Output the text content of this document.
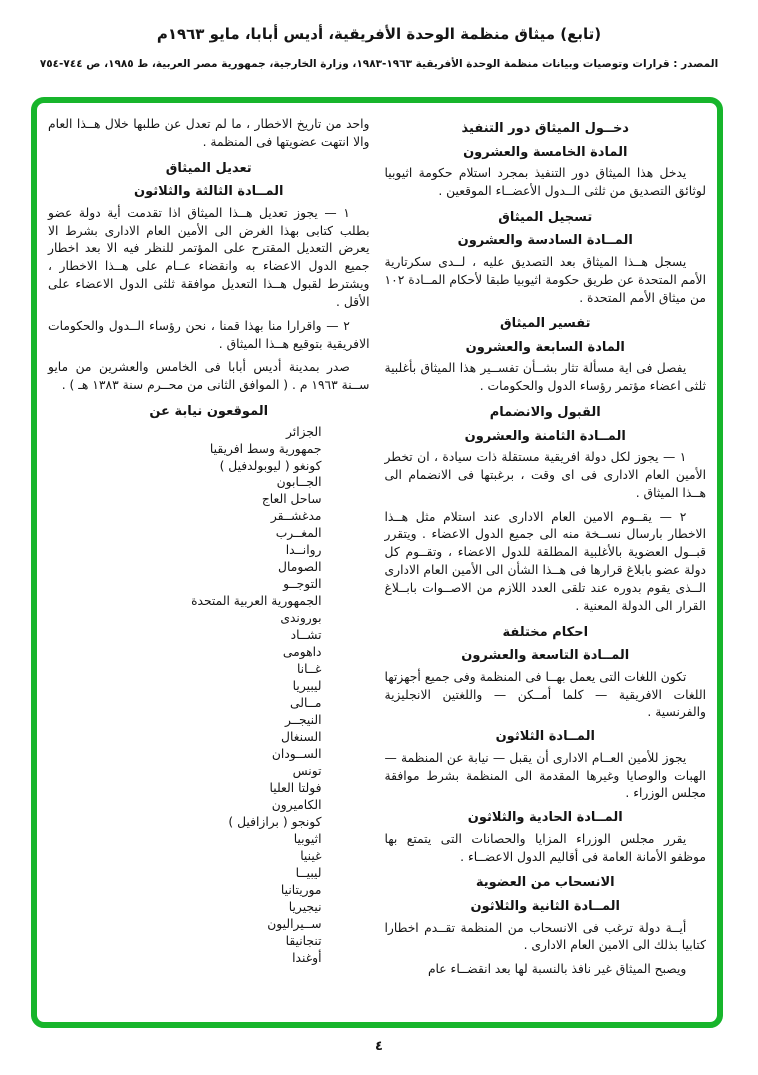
(تابع) ميثاق منظمة الوحدة الأفريقية، أديس أبابا، مايو ١٩٦٣م
المصدر : قرارات وتوصيات وبيانات منظمة الوحدة الأفريقية ١٩٦٣-١٩٨٣، وزارة الخارجية، جمهورية مصر العربية، ط ١٩٨٥، ص ٧٤٤-٧٥٤
دخــول الميثاق دور التنفيذ
المادة الخامسة والعشرون
يدخل هذا الميثاق دور التنفيذ بمجرد استلام حكومة اثيوبيا لوثائق التصديق من ثلثى الــدول الأعضــاء الموقعين .
تسجيل الميثاق
المــادة السادسة والعشرون
يسجل هــذا الميثاق بعد التصديق عليه ، لــدى سكرتارية الأمم المتحدة عن طريق حكومة اثيوبيا طبقا لأحكام المــادة ١٠٢ من ميثاق الأمم المتحدة .
تفسير الميثاق
المادة السابعة والعشرون
يفصل فى اية مسألة تثار بشــأن تفســير هذا الميثاق بأغلبية ثلثى اعضاء مؤتمر رؤساء الدول والحكومات .
القبول والانضمام
المــادة الثامنة والعشرون
١ — يجوز لكل دولة افريقية مستقلة ذات سيادة ، ان تخطر الأمين العام الادارى فى اى وقت ، برغبتها فى الانضمام الى هــذا الميثاق .
٢ — يقــوم الامين العام الادارى عند استلام مثل هــذا الاخطار بارسال نســخة منه الى جميع الدول الاعضاء . ويتقرر قبــول العضوية بالأغلبية المطلقة للدول الاعضاء ، وتقــوم كل دولة عضو بابلاغ قرارها فى هــذا الشأن الى الأمين العام الادارى الــذى يقوم بدوره عند تلقى العدد اللازم من الاصــوات بابــلاغ القرار الى الدولة المعنية .
احكام مختلفة
المــادة التاسعة والعشرون
تكون اللغات التى يعمل بهــا فى المنظمة وفى جميع أجهزتها اللغات الافريقية — كلما أمــكن — واللغتين الانجليزية والفرنسية .
المــادة الثلاثون
يجوز للأمين العــام الادارى أن يقبل — نيابة عن المنظمة — الهبات والوصايا وغيرها المقدمة الى المنظمة بشرط موافقة مجلس الوزراء .
المــادة الحادية والثلاثون
يقرر مجلس الوزراء المزايا والحصانات التى يتمتع بها موظفو الأمانة العامة فى أقاليم الدول الاعضــاء .
الانسحاب من العضوية
المــادة الثانية والثلاثون
أيــة دولة ترغب فى الانسحاب من المنظمة تقــدم اخطارا كتابيا بذلك الى الامين العام الادارى .
ويصبح الميثاق غير نافذ بالنسبة لها بعد انقضــاء عام
واحد من تاريخ الاخطار ، ما لم تعدل عن طلبها خلال هــذا العام والا انتهت عضويتها فى المنظمة .
تعديل الميثاق
المــادة الثالثة والثلاثون
١ — يجوز تعديل هــذا الميثاق اذا تقدمت أية دولة عضو بطلب كتابى بهذا الغرض الى الأمين العام الادارى بشرط الا يعرض التعديل المقترح على المؤتمر للنظر فيه الا بعد اخطار جميع الدول الاعضاء به وانقضاء عــام على هــذا الاخطار ، ويشترط لقبول هــذا التعديل موافقة ثلثى الدول الاعضاء على الأقل .
٢ — واقرارا منا بهذا قمنا ، نحن رؤساء الــدول والحكومات الافريقية بتوقيع هــذا الميثاق .
صدر بمدينة أديس أبابا فى الخامس والعشرين من مايو ســنة ١٩٦٣ م . ( الموافق الثانى من محــرم سنة ١٣٨٣ هـ ) .
الموقعون نيابة عن
الجزائر
جمهورية وسط افريقيا
كونغو ( ليوبولدفيل )
الجــابون
ساحل العاج
مدغشــقر
المغــرب
روانــدا
الصومال
التوجــو
الجمهورية العربية المتحدة
بوروندى
تشــاد
داهومى
غــانا
ليبيريا
مــالى
النيجــر
السنغال
الســودان
تونس
فولتا العليا
الكاميرون
كونجو ( برازافيل )
اثيوبيا
غينيا
ليبيــا
موريتانيا
نيجيريا
ســيراليون
تنجانيقا
أوغندا
٤
